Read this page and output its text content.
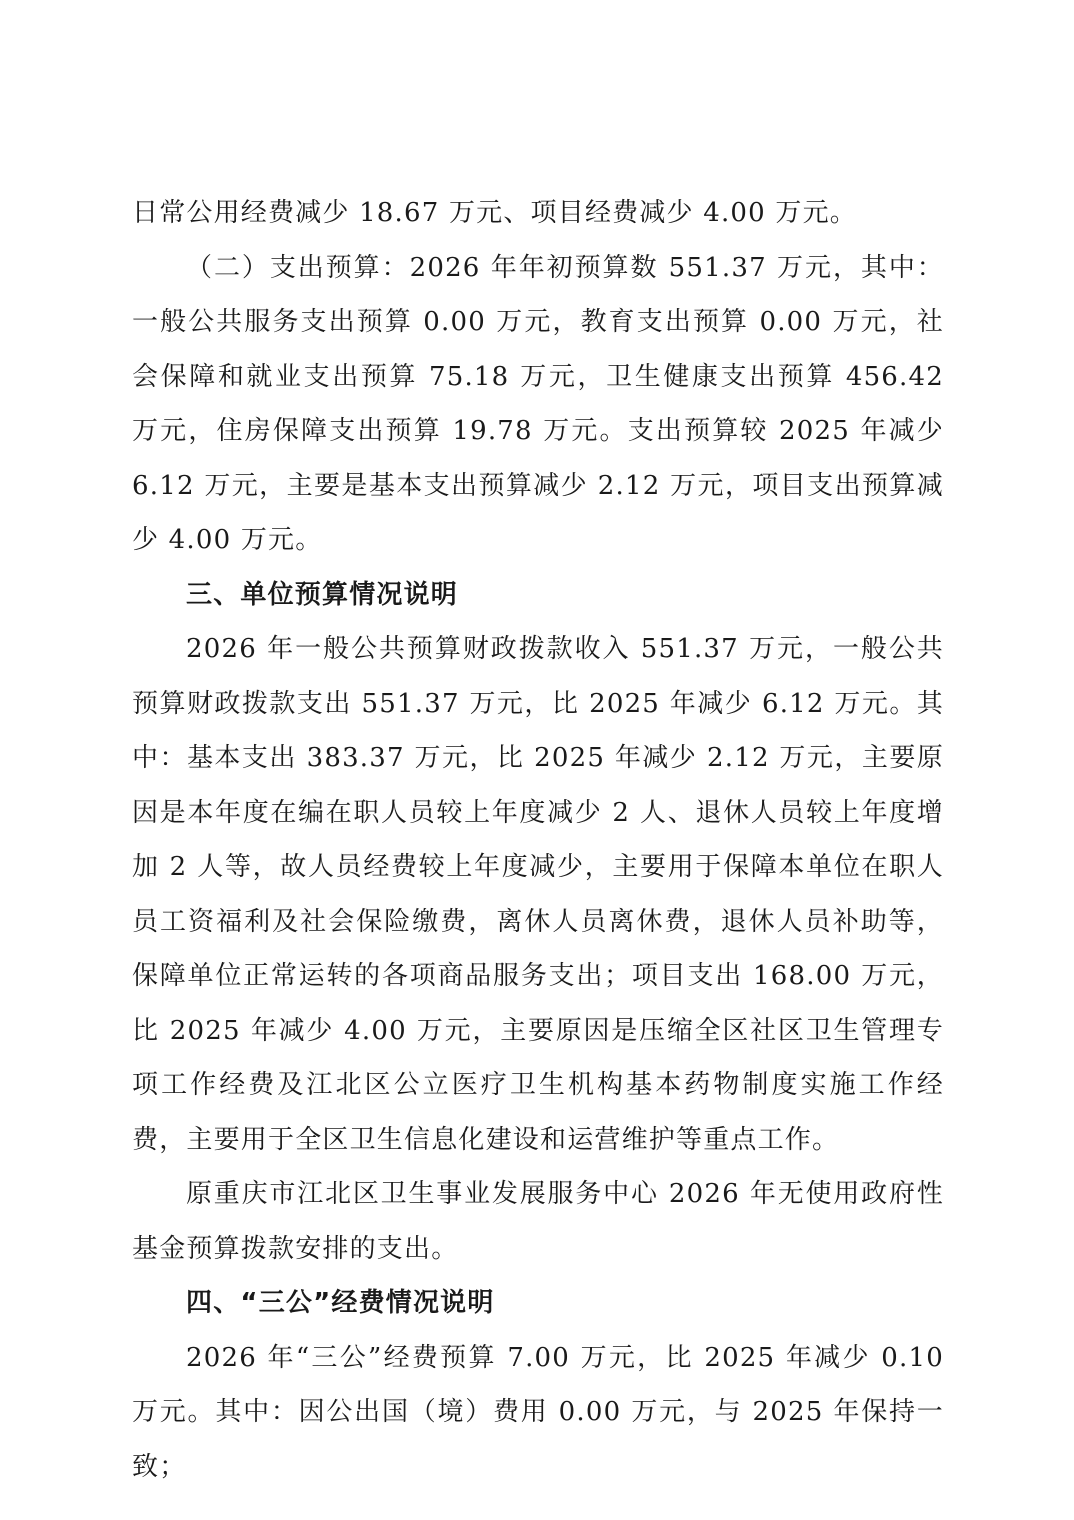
日常公用经费减少 18.67 万元、项目经费减少 4.00 万元。

（二）支出预算：2026 年年初预算数 551.37 万元，其中：一般公共服务支出预算 0.00 万元，教育支出预算 0.00 万元，社会保障和就业支出预算 75.18 万元，卫生健康支出预算 456.42 万元，住房保障支出预算 19.78 万元。支出预算较 2025 年减少 6.12 万元，主要是基本支出预算减少 2.12 万元，项目支出预算减少 4.00 万元。

三、单位预算情况说明

2026 年一般公共预算财政拨款收入 551.37 万元，一般公共预算财政拨款支出 551.37 万元，比 2025 年减少 6.12 万元。其中：基本支出 383.37 万元，比 2025 年减少 2.12 万元，主要原因是本年度在编在职人员较上年度减少 2 人、退休人员较上年度增加 2 人等，故人员经费较上年度减少，主要用于保障本单位在职人员工资福利及社会保险缴费，离休人员离休费，退休人员补助等，保障单位正常运转的各项商品服务支出；项目支出 168.00 万元，比 2025 年减少 4.00 万元，主要原因是压缩全区社区卫生管理专项工作经费及江北区公立医疗卫生机构基本药物制度实施工作经费，主要用于全区卫生信息化建设和运营维护等重点工作。

原重庆市江北区卫生事业发展服务中心 2026 年无使用政府性基金预算拨款安排的支出。

四、“三公”经费情况说明

2026 年“三公”经费预算 7.00 万元，比 2025 年减少 0.10 万元。其中：因公出国（境）费用 0.00 万元，与 2025 年保持一致；
